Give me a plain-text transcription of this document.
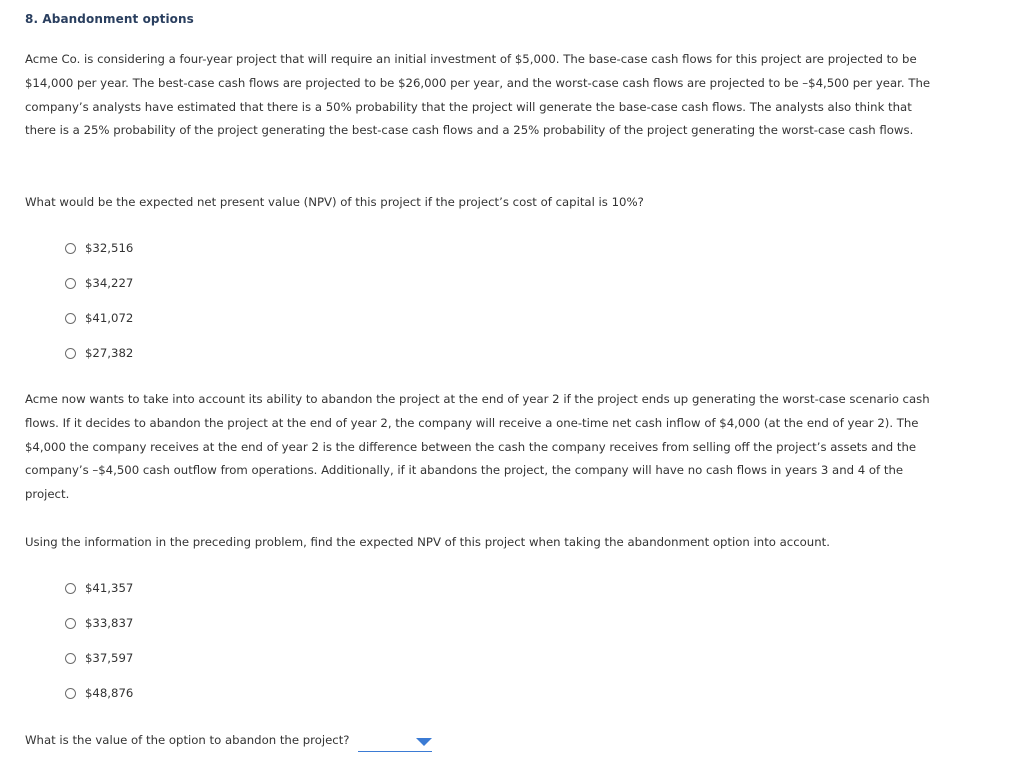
8. Abandonment options
Acme Co. is considering a four-year project that will require an initial investment of $5,000. The base-case cash flows for this project are projected to be $14,000 per year. The best-case cash flows are projected to be $26,000 per year, and the worst-case cash flows are projected to be –$4,500 per year. The company’s analysts have estimated that there is a 50% probability that the project will generate the base-case cash flows. The analysts also think that there is a 25% probability of the project generating the best-case cash flows and a 25% probability of the project generating the worst-case cash flows.
What would be the expected net present value (NPV) of this project if the project’s cost of capital is 10%?
$32,516
$34,227
$41,072
$27,382
Acme now wants to take into account its ability to abandon the project at the end of year 2 if the project ends up generating the worst-case scenario cash flows. If it decides to abandon the project at the end of year 2, the company will receive a one-time net cash inflow of $4,000 (at the end of year 2). The $4,000 the company receives at the end of year 2 is the difference between the cash the company receives from selling off the project’s assets and the company’s –$4,500 cash outflow from operations. Additionally, if it abandons the project, the company will have no cash flows in years 3 and 4 of the project.
Using the information in the preceding problem, find the expected NPV of this project when taking the abandonment option into account.
$41,357
$33,837
$37,597
$48,876
What is the value of the option to abandon the project?
